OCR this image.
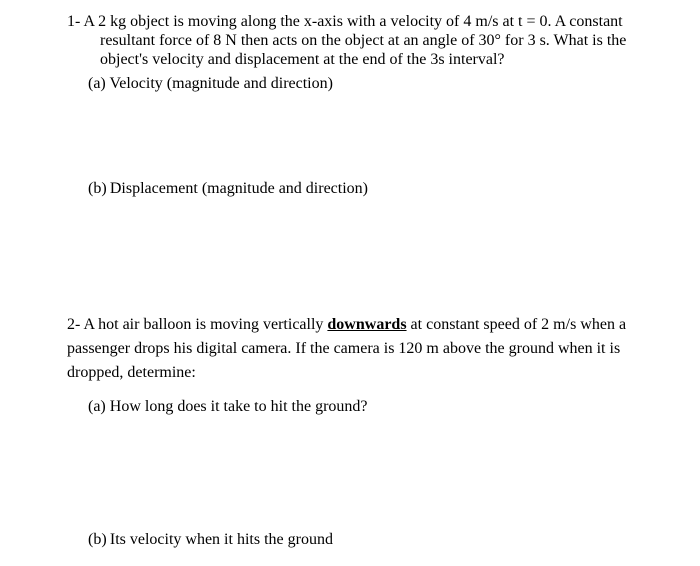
1- A 2 kg object is moving along the x-axis with a velocity of 4 m/s at t = 0. A constant
resultant force of 8 N then acts on the object at an angle of 30° for 3 s. What is the
object's velocity and displacement at the end of the 3s interval?
(a) Velocity (magnitude and direction)
(b) Displacement (magnitude and direction)
2- A hot air balloon is moving vertically downwards at constant speed of 2 m/s when a
passenger drops his digital camera. If the camera is 120 m above the ground when it is
dropped, determine:
(a) How long does it take to hit the ground?
(b) Its velocity when it hits the ground
